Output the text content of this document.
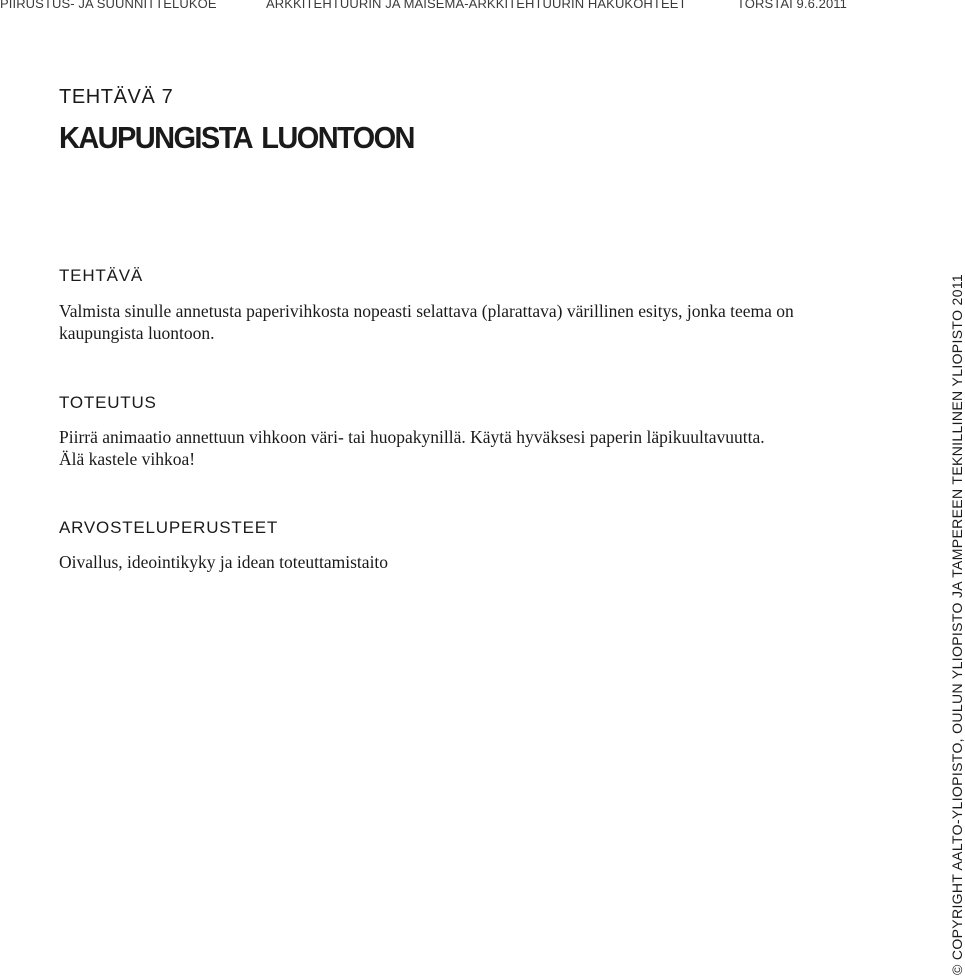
PIIRUSTUS- JA SUUNNITTELUKOE	ARKKITEHTUURIN JA MAISEMA-ARKKITEHTUURIN HAKUKOHTEET	TORSTAI 9.6.2011
TEHTÄVÄ 7
KAUPUNGISTA LUONTOON
TEHTÄVÄ

Valmista sinulle annetusta paperivihkosta nopeasti selattava (plarattava) värillinen esitys, jonka teema on
kaupungista luontoon.

TOTEUTUS

Piirrä animaatio annettuun vihkoon väri- tai huopakynillä. Käytä hyväksesi paperin läpikuultavuutta.
Älä kastele vihkoa!

ARVOSTELUPERUSTEET

Oivallus, ideointikyky ja idean toteuttamistaito	© COPYRIGHT AALTO-YLIOPISTO, OULUN YLIOPISTO JA TAMPEREEN TEKNILLINEN YLIOPISTO 2011
